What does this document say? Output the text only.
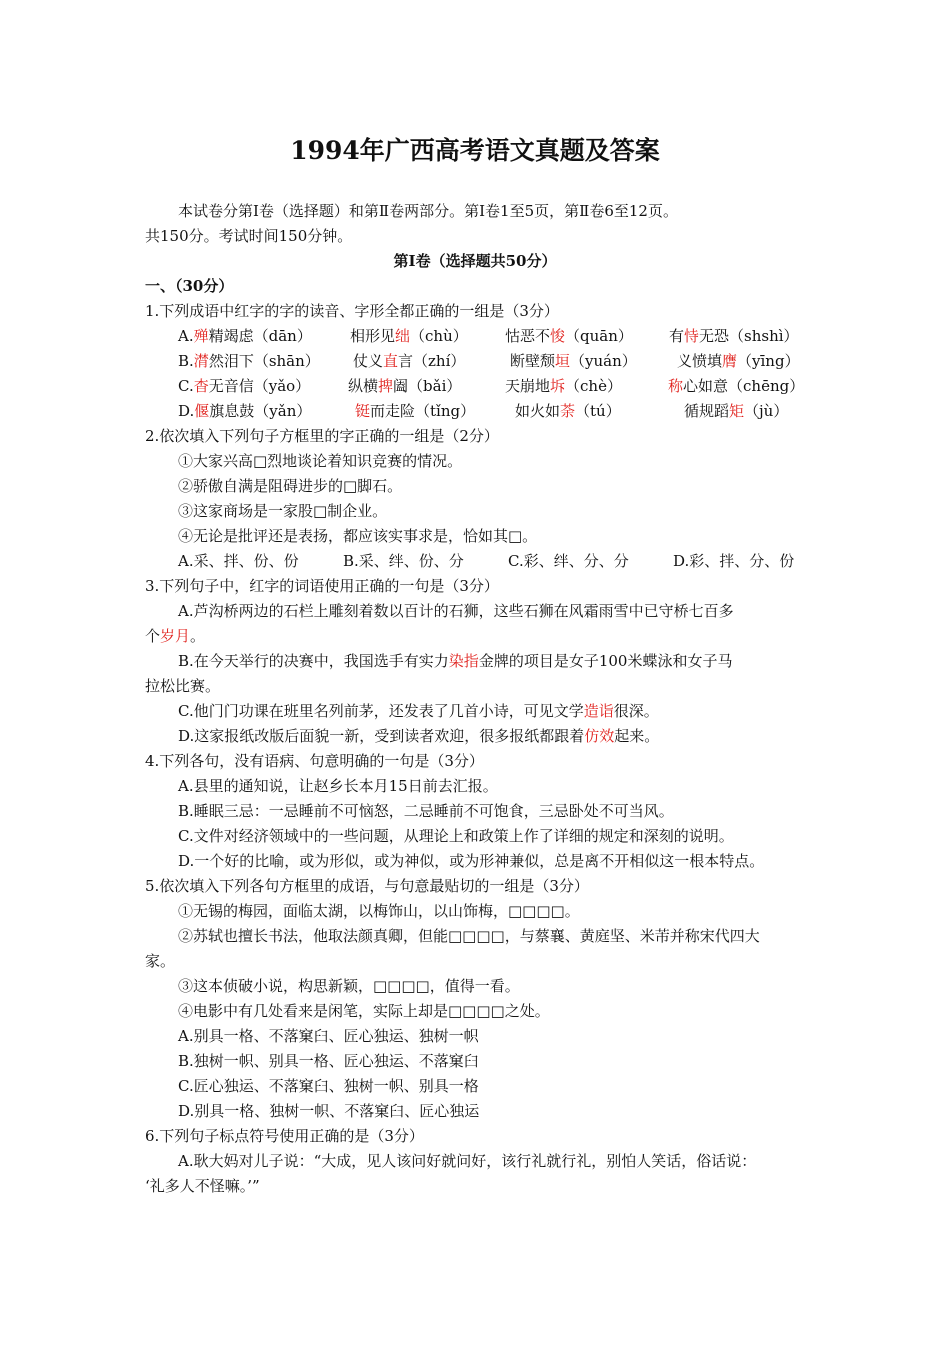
1994年广西高考语文真题及答案
本试卷分第Ⅰ卷（选择题）和第Ⅱ卷两部分。第Ⅰ卷1至5页，第Ⅱ卷6至12页。
共150分。考试时间150分钟。
第Ⅰ卷（选择题共50分）
一、（30分）
1.下列成语中红字的字的读音、字形全都正确的一组是（3分）
A.殚精竭虑（dān）	相形见绌（chù） 怙恶不悛（quān） 有恃无恐（shshì）
B.潸然泪下（shān） 仗义直言（zhí）	断壁颓垣（yuán）	义愤填膺（yīng）
C.杳无音信（yǎo）	纵横捭阖（bǎi）	天崩地坼（chè）	称心如意（chēng）
D.偃旗息鼓（yǎn）	铤而走险（tǐng）	如火如荼（tú）	循规蹈矩（jù）
2.依次填入下列句子方框里的字正确的一组是（2分）
①大家兴高□烈地谈论着知识竞赛的情况。
②骄傲自满是阻碍进步的□脚石。
③这家商场是一家股□制企业。
④无论是批评还是表扬，都应该实事求是，恰如其□。
A.采、拌、份、份	B.采、绊、份、分	C.彩、绊、分、分	D.彩、拌、分、份
3.下列句子中，红字的词语使用正确的一句是（3分）
A.芦沟桥两边的石栏上雕刻着数以百计的石狮，这些石狮在风霜雨雪中已守桥七百多
个岁月。
B.在今天举行的决赛中，我国选手有实力染指金牌的项目是女子100米蝶泳和女子马
拉松比赛。
C.他门门功课在班里名列前茅，还发表了几首小诗，可见文学造诣很深。
D.这家报纸改版后面貌一新，受到读者欢迎，很多报纸都跟着仿效起来。
4.下列各句，没有语病、句意明确的一句是（3分）
A.县里的通知说，让赵乡长本月15日前去汇报。
B.睡眠三忌：一忌睡前不可恼怒，二忌睡前不可饱食，三忌卧处不可当风。
C.文件对经济领域中的一些问题，从理论上和政策上作了详细的规定和深刻的说明。
D.一个好的比喻，或为形似，或为神似，或为形神兼似，总是离不开相似这一根本特点。
5.依次填入下列各句方框里的成语，与句意最贴切的一组是（3分）
①无锡的梅园，面临太湖，以梅饰山，以山饰梅，□□□□。
②苏轼也擅长书法，他取法颜真卿，但能□□□□，与蔡襄、黄庭坚、米芾并称宋代四大
家。
③这本侦破小说，构思新颖，□□□□，值得一看。
④电影中有几处看来是闲笔，实际上却是□□□□之处。
A.别具一格、不落窠臼、匠心独运、独树一帜
B.独树一帜、别具一格、匠心独运、不落窠臼
C.匠心独运、不落窠臼、独树一帜、别具一格
D.别具一格、独树一帜、不落窠臼、匠心独运
6.下列句子标点符号使用正确的是（3分）
A.耿大妈对儿子说：“大成，见人该问好就问好，该行礼就行礼，别怕人笑话，俗话说：
‘礼多人不怪嘛。’”
